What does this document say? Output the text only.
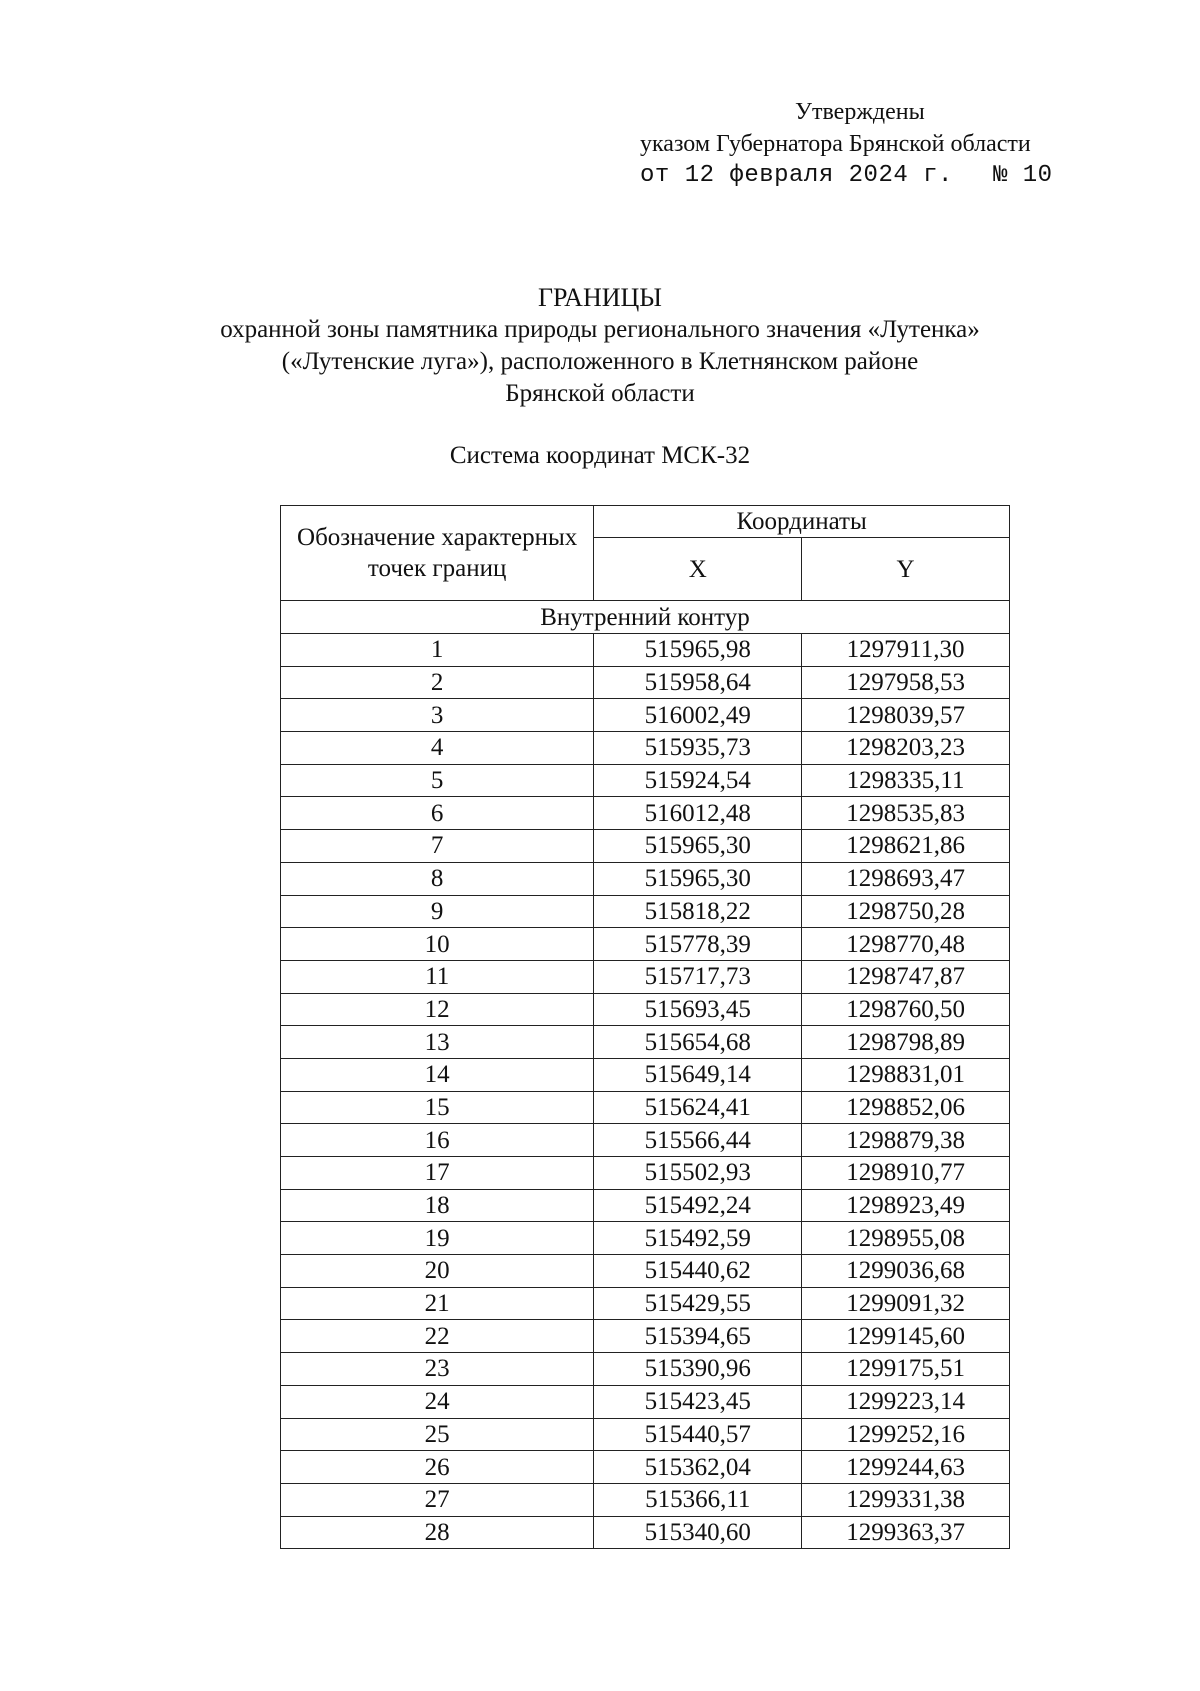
Утверждены
указом Губернатора Брянской области
от 12 февраля 2024 г. № 10
ГРАНИЦЫ
охранной зоны памятника природы регионального значения «Лутенка»
(«Лутенские луга»), расположенного в Клетнянском районе
Брянской области
Система координат МСК-32
Обозначение характерных точек границ	Координаты	
	X	Y
Внутренний контур		
1	515965,98	1297911,30
2	515958,64	1297958,53
3	516002,49	1298039,57
4	515935,73	1298203,23
5	515924,54	1298335,11
6	516012,48	1298535,83
7	515965,30	1298621,86
8	515965,30	1298693,47
9	515818,22	1298750,28
10	515778,39	1298770,48
11	515717,73	1298747,87
12	515693,45	1298760,50
13	515654,68	1298798,89
14	515649,14	1298831,01
15	515624,41	1298852,06
16	515566,44	1298879,38
17	515502,93	1298910,77
18	515492,24	1298923,49
19	515492,59	1298955,08
20	515440,62	1299036,68
21	515429,55	1299091,32
22	515394,65	1299145,60
23	515390,96	1299175,51
24	515423,45	1299223,14
25	515440,57	1299252,16
26	515362,04	1299244,63
27	515366,11	1299331,38
28	515340,60	1299363,37
